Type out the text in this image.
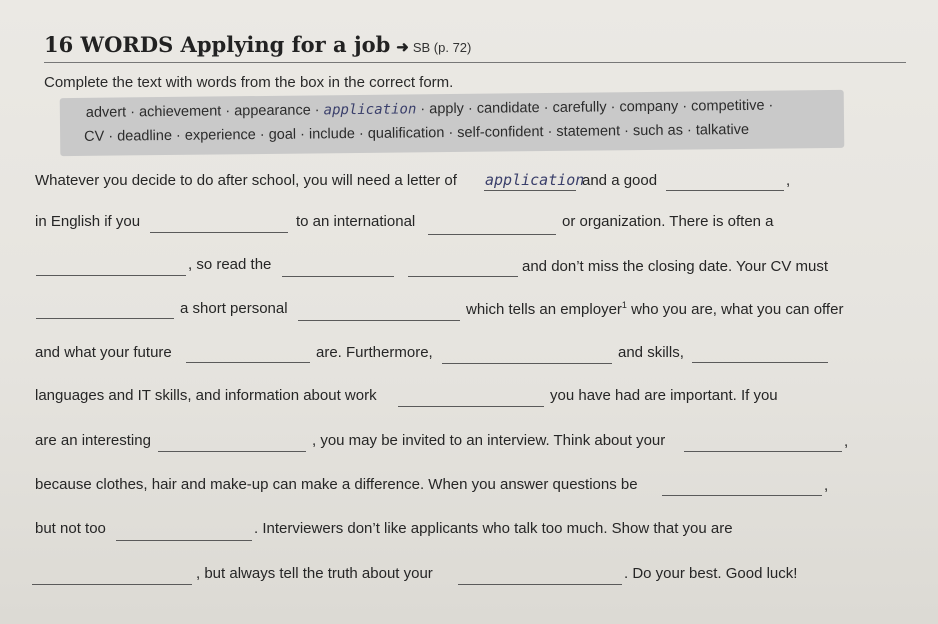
16 WORDS Applying for a job ➜ SB (p. 72)
Complete the text with words from the box in the correct form.
advert · achievement · appearance · application · apply · candidate · carefully · company · competitive ·
CV · deadline · experience · goal · include · qualification · self-confident · statement · such as · talkative
Whatever you decide to do after school, you will need a letter of application
and a good	,
in English if you	to an international	or organization. There is often a
, so read the	and don’t miss the closing date. Your CV must
a short personal	which tells an employer$^1$ who you are, what you can offer
and what your future	are. Furthermore,	and skills,
languages and IT skills, and information about work	you have had are important. If you
are an interesting	, you may be invited to an interview. Think about your	,
because clothes, hair and make-up can make a difference. When you answer questions be	,
but not too	. Interviewers don’t like applicants who talk too much. Show that you are
, but always tell the truth about your	. Do your best. Good luck!
